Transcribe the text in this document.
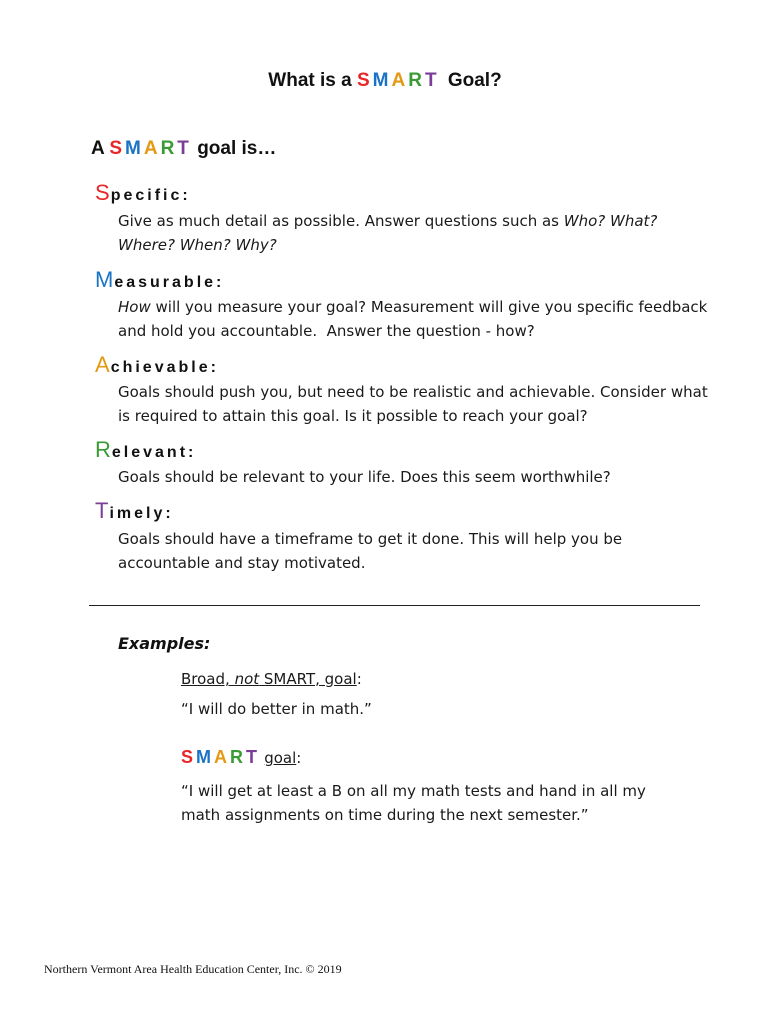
What is a SMART Goal?
A SMART goal is…
Specific:
Give as much detail as possible. Answer questions such as Who? What? Where? When? Why?
Measurable:
How will you measure your goal? Measurement will give you specific feedback and hold you accountable.  Answer the question - how?
Achievable:
Goals should push you, but need to be realistic and achievable. Consider what is required to attain this goal. Is it possible to reach your goal?
Relevant:
Goals should be relevant to your life. Does this seem worthwhile?
Timely:
Goals should have a timeframe to get it done. This will help you be accountable and stay motivated.
Examples:
Broad, not SMART, goal:
“I will do better in math.”
SMART goal:
“I will get at least a B on all my math tests and hand in all my math assignments on time during the next semester.”
Northern Vermont Area Health Education Center, Inc. © 2019
